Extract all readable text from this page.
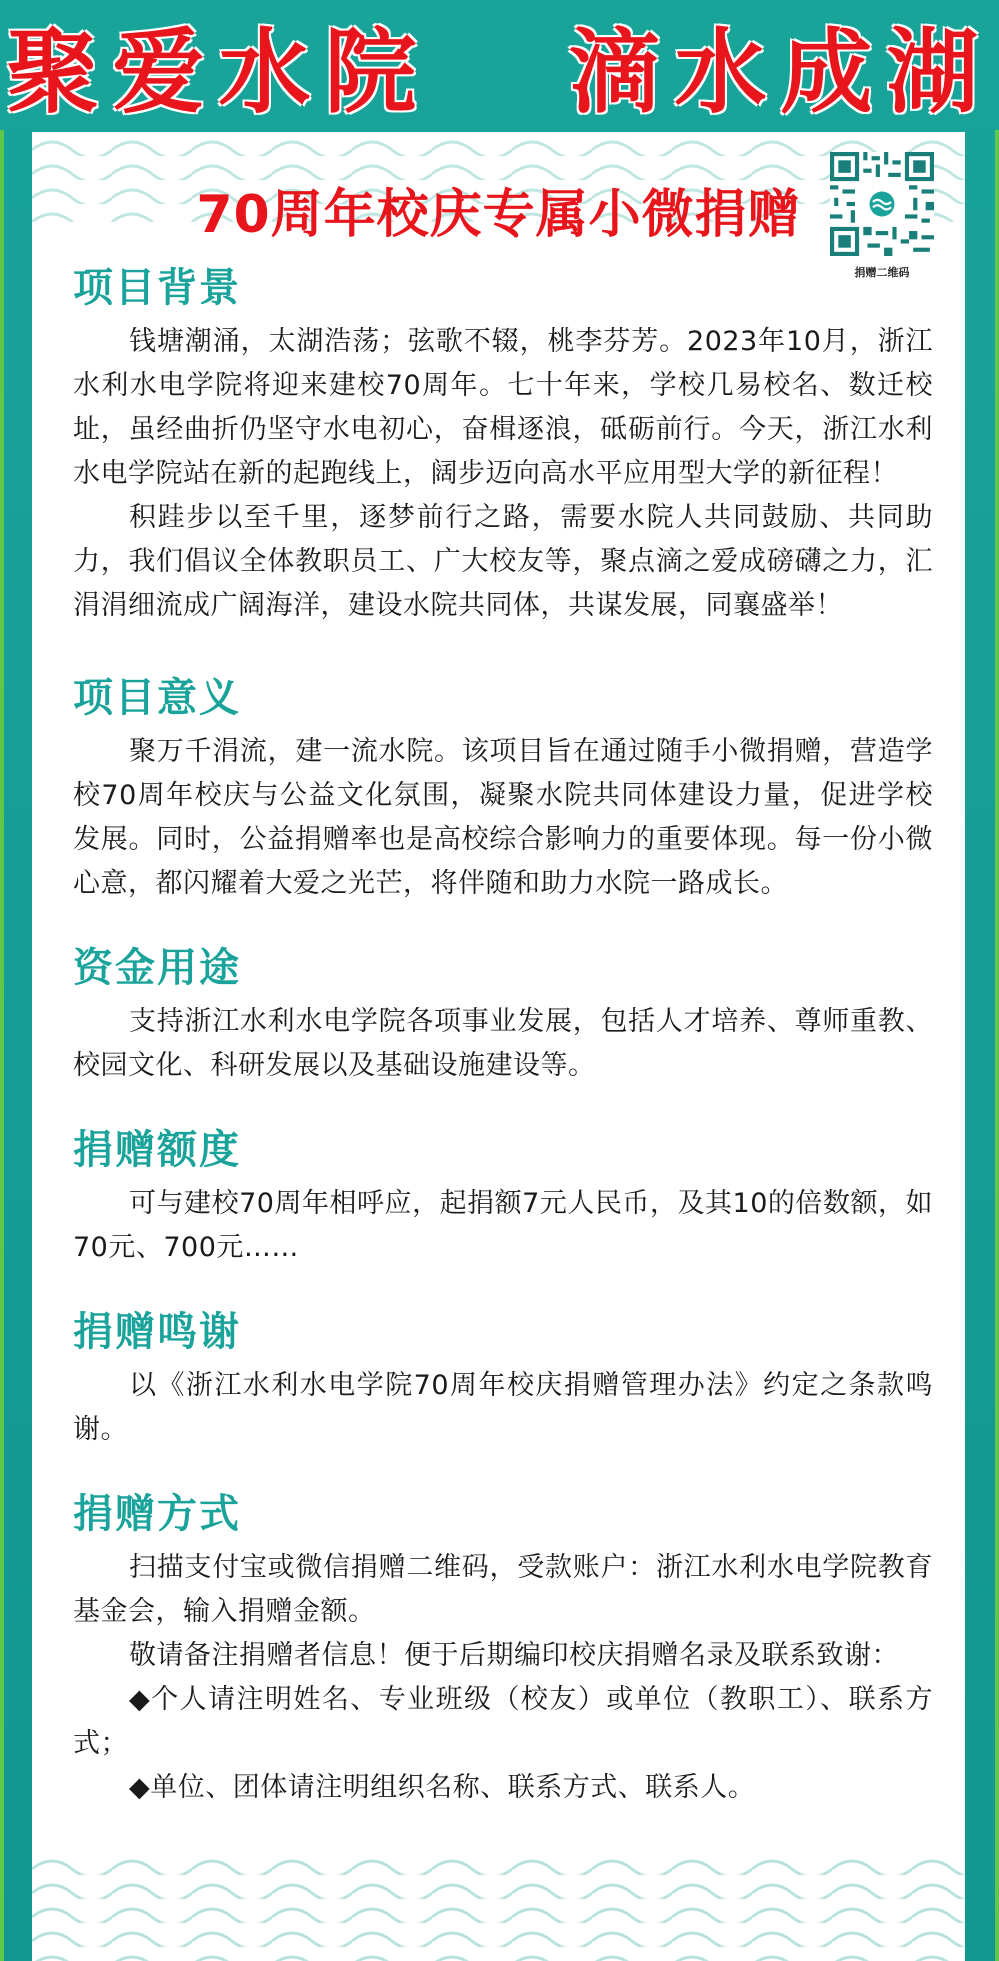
聚爱水院   滴水成湖
70周年校庆专属小微捐赠
捐赠二维码
项目背景

钱塘潮涌，太湖浩荡；弦歌不辍，桃李芬芳。2023年10月，浙江水利水电学院将迎来建校70周年。七十年来，学校几易校名、数迁校址，虽经曲折仍坚守水电初心，奋楫逐浪，砥砺前行。今天，浙江水利水电学院站在新的起跑线上，阔步迈向高水平应用型大学的新征程！

积跬步以至千里，逐梦前行之路，需要水院人共同鼓励、共同助力，我们倡议全体教职员工、广大校友等，聚点滴之爱成磅礴之力，汇涓涓细流成广阔海洋，建设水院共同体，共谋发展，同襄盛举！

项目意义

聚万千涓流，建一流水院。该项目旨在通过随手小微捐赠，营造学校70周年校庆与公益文化氛围，凝聚水院共同体建设力量，促进学校发展。同时，公益捐赠率也是高校综合影响力的重要体现。每一份小微心意，都闪耀着大爱之光芒，将伴随和助力水院一路成长。

资金用途

支持浙江水利水电学院各项事业发展，包括人才培养、尊师重教、校园文化、科研发展以及基础设施建设等。

捐赠额度

可与建校70周年相呼应，起捐额7元人民币，及其10的倍数额，如70元、700元……

捐赠鸣谢

以《浙江水利水电学院70周年校庆捐赠管理办法》约定之条款鸣谢。

捐赠方式

扫描支付宝或微信捐赠二维码，受款账户：浙江水利水电学院教育基金会，输入捐赠金额。

敬请备注捐赠者信息！便于后期编印校庆捐赠名录及联系致谢：

◆个人请注明姓名、专业班级（校友）或单位（教职工）、联系方式；

◆单位、团体请注明组织名称、联系方式、联系人。
